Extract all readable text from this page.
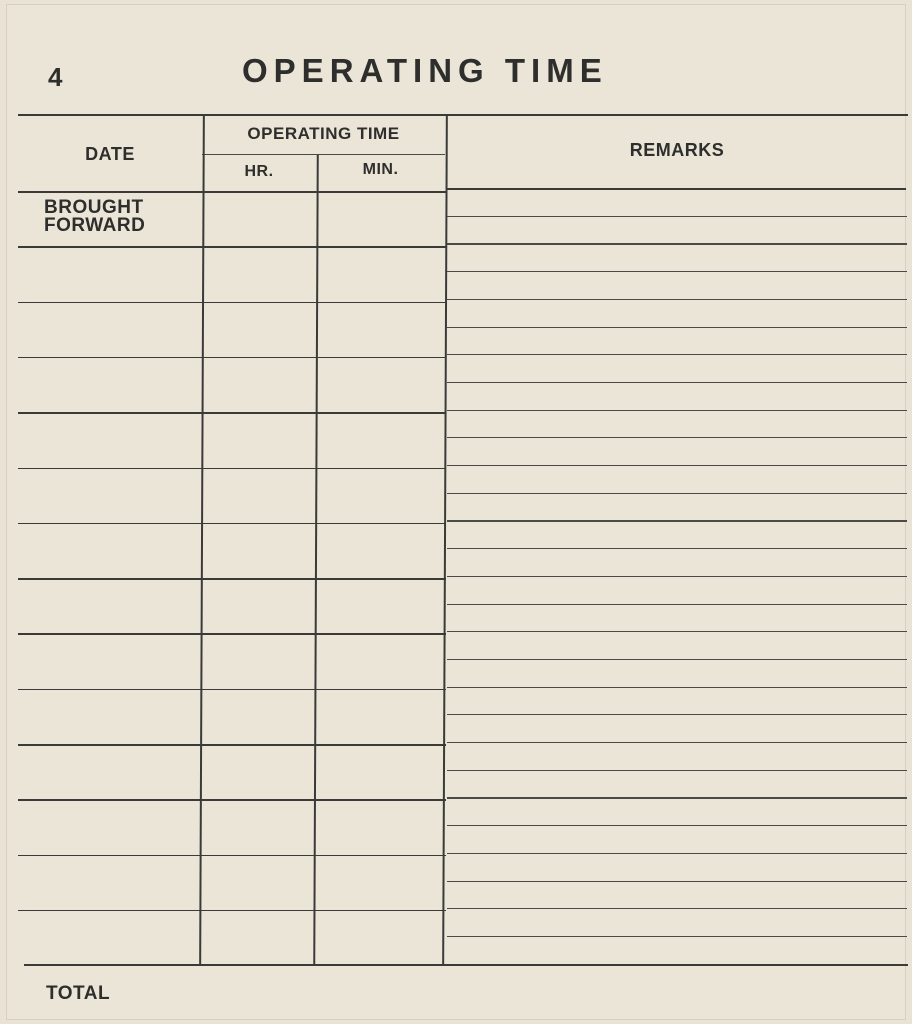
4	OPERATING TIME
DATE
OPERATING TIME
HR.	MIN.
REMARKS
BROUGHT FORWARD
TOTAL
